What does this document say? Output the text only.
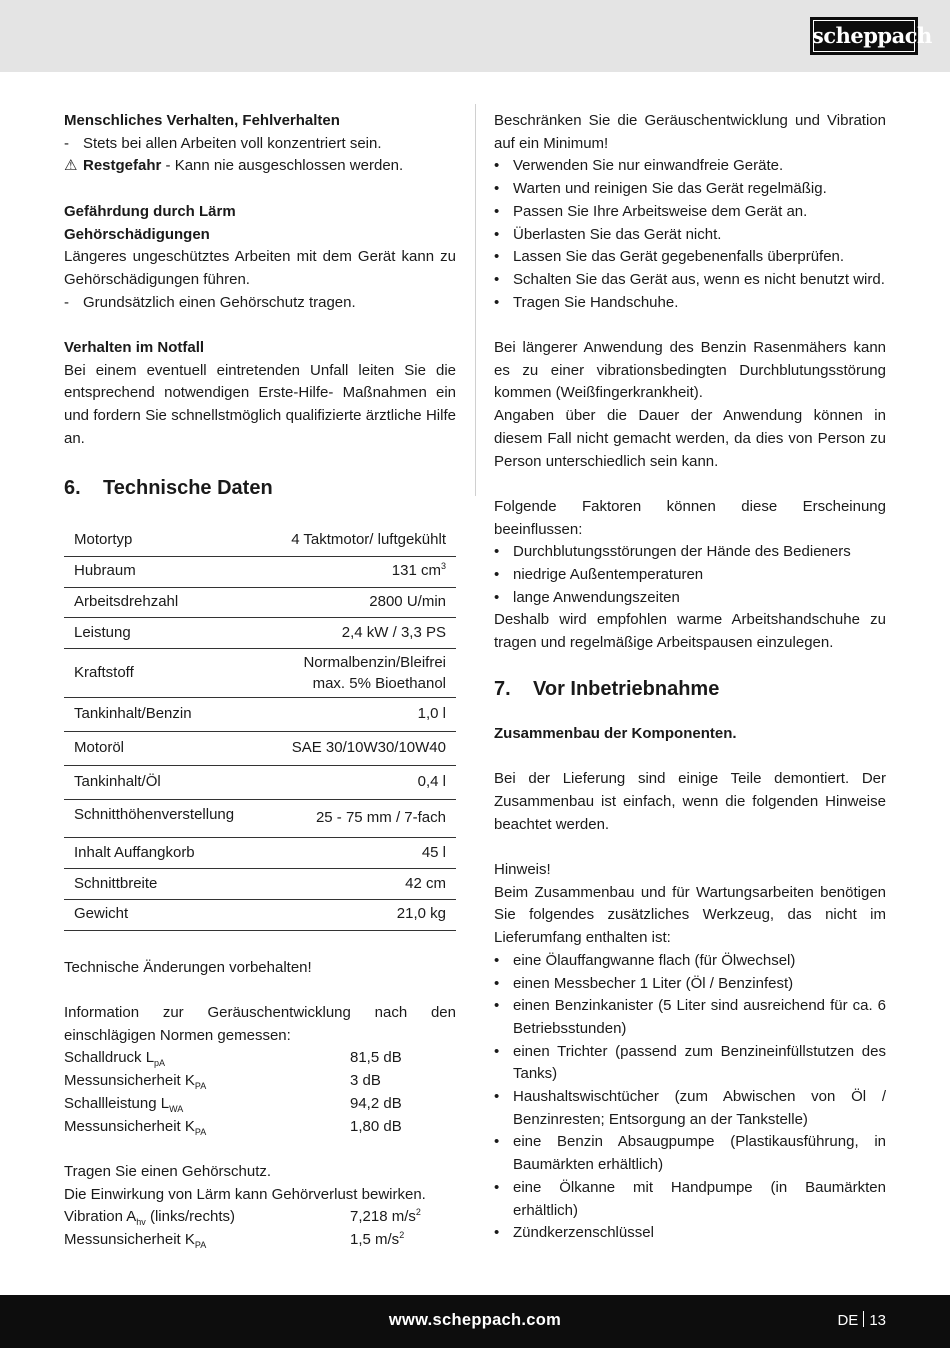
scheppach

Menschliches Verhalten, Fehlverhalten

- Stets bei allen Arbeiten voll konzentriert sein.
⚠ Restgefahr - Kann nie ausgeschlossen werden.

Gefährdung durch Lärm

Gehörschädigungen

Längeres ungeschütztes Arbeiten mit dem Gerät kann zu Gehörschädigungen führen.

- Grundsätzlich einen Gehörschutz tragen.

Verhalten im Notfall

Bei einem eventuell eintretenden Unfall leiten Sie die entsprechend notwendigen Erste-Hilfe- Maßnahmen ein und fordern Sie schnellstmöglich qualifizierte ärztliche Hilfe an.

6.	Technische Daten
Motortyp	4 Taktmotor/ luftgekühlt
Hubraum	131 $cm^3$
Arbeitsdrehzahl	2800 U/min
Leistung	2,4 kW / 3,3 PS
Kraftstoff	Normalbenzin/Bleifrei
max. 5% Bioethanol

Tankinhalt/Benzin	1,0 l
Motoröl	SAE 30/10W30/10W40
Tankinhalt/Öl	0,4 l
Schnitthöhenverstellung	25 - 75 mm / 7-fach
Inhalt Auffangkorb	45 l
Schnittbreite	42 cm
Gewicht	21,0 kg

Technische Änderungen vorbehalten!

Information zur Geräuschentwicklung nach den einschlägigen Normen gemessen:

Schalldruck $L_{pA}$	81,5 dB
Messunsicherheit $K_{PA}$	3 dB
Schallleistung $L_{WA}$	94,2 dB
Messunsicherheit $K_{PA}$	1,80 dB

Tragen Sie einen Gehörschutz.

Die Einwirkung von Lärm kann Gehörverlust bewirken.

Vibration $A_{hv}$ (links/rechts)	7,218 $m/s^2$
Messunsicherheit $K_{PA}$	1,5 $m/s^2$

Beschränken Sie die Geräuschentwicklung und Vibration auf ein Minimum!

• Verwenden Sie nur einwandfreie Geräte.
• Warten und reinigen Sie das Gerät regelmäßig.
• Passen Sie Ihre Arbeitsweise dem Gerät an.
• Überlasten Sie das Gerät nicht.
• Lassen Sie das Gerät gegebenenfalls überprüfen.
• Schalten Sie das Gerät aus, wenn es nicht benutzt wird.
• Tragen Sie Handschuhe.

Bei längerer Anwendung des Benzin Rasenmähers kann es zu einer vibrationsbedingten Durchblutungsstörung kommen (Weißfingerkrankheit).

Angaben über die Dauer der Anwendung können in diesem Fall nicht gemacht werden, da dies von Person zu Person unterschiedlich sein kann.

Folgende Faktoren können diese Erscheinung beeinflussen:

• Durchblutungsstörungen der Hände des Bedieners
• niedrige Außentemperaturen
• lange Anwendungszeiten

Deshalb wird empfohlen warme Arbeitshandschuhe zu tragen und regelmäßige Arbeitspausen einzulegen.

7.	Vor Inbetriebnahme

Zusammenbau der Komponenten.

Bei der Lieferung sind einige Teile demontiert. Der Zusammenbau ist einfach, wenn die folgenden Hinweise beachtet werden.

Hinweis!

Beim Zusammenbau und für Wartungsarbeiten benötigen Sie folgendes zusätzliches Werkzeug, das nicht im Lieferumfang enthalten ist:

• eine Ölauffangwanne flach (für Ölwechsel)
• einen Messbecher 1 Liter (Öl / Benzinfest)
• einen Benzinkanister (5 Liter sind ausreichend für ca. 6 Betriebsstunden)
• einen Trichter (passend zum Benzineinfüllstutzen des Tanks)
• Haushaltswischtücher (zum Abwischen von Öl / Benzinresten; Entsorgung an der Tankstelle)
• eine Benzin Absaugpumpe (Plastikausführung, in Baumärkten erhältlich)
• eine Ölkanne mit Handpumpe (in Baumärkten erhältlich)
• Zündkerzenschlüssel
www.scheppach.com	DE 13
